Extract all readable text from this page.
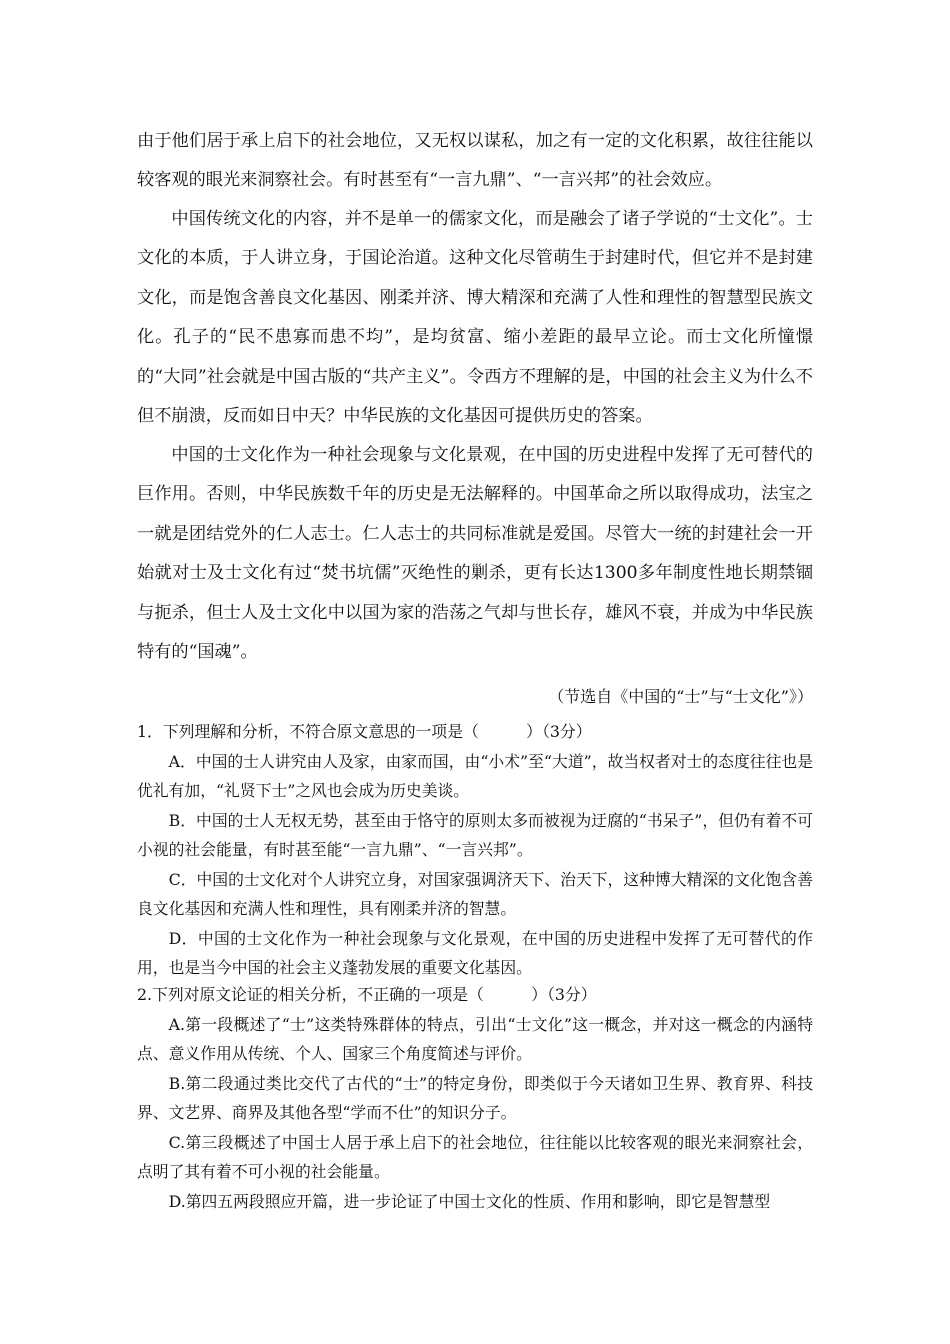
由于他们居于承上启下的社会地位，又无权以谋私，加之有一定的文化积累，故往往能以较客观的眼光来洞察社会。有时甚至有“一言九鼎”、“一言兴邦”的社会效应。

中国传统文化的内容，并不是单一的儒家文化，而是融会了诸子学说的“士文化”。士文化的本质，于人讲立身，于国论治道。这种文化尽管萌生于封建时代，但它并不是封建文化，而是饱含善良文化基因、刚柔并济、博大精深和充满了人性和理性的智慧型民族文化。孔子的“民不患寡而患不均”，是均贫富、缩小差距的最早立论。而士文化所憧憬的“大同”社会就是中国古版的“共产主义”。令西方不理解的是，中国的社会主义为什么不但不崩溃，反而如日中天？中华民族的文化基因可提供历史的答案。

中国的士文化作为一种社会现象与文化景观，在中国的历史进程中发挥了无可替代的巨作用。否则，中华民族数千年的历史是无法解释的。中国革命之所以取得成功，法宝之一就是团结党外的仁人志士。仁人志士的共同标准就是爱国。尽管大一统的封建社会一开始就对士及士文化有过“焚书坑儒”灭绝性的剿杀，更有长达1300多年制度性地长期禁锢与扼杀，但士人及士文化中以国为家的浩荡之气却与世长存，雄风不衰，并成为中华民族特有的“国魂”。

（节选自《中国的“士”与“士文化”》）

1．下列理解和分析，不符合原文意思的一项是（　　　）（3分）
A．中国的士人讲究由人及家，由家而国，由“小术”至“大道”，故当权者对士的态度往往也是优礼有加，“礼贤下士”之风也会成为历史美谈。
B．中国的士人无权无势，甚至由于恪守的原则太多而被视为迂腐的“书呆子”，但仍有着不可小视的社会能量，有时甚至能“一言九鼎”、“一言兴邦”。
C．中国的士文化对个人讲究立身，对国家强调济天下、治天下，这种博大精深的文化饱含善良文化基因和充满人性和理性，具有刚柔并济的智慧。
D．中国的士文化作为一种社会现象与文化景观，在中国的历史进程中发挥了无可替代的作用，也是当今中国的社会主义蓬勃发展的重要文化基因。
2.下列对原文论证的相关分析，不正确的一项是（　　　）（3分）
A.第一段概述了“士”这类特殊群体的特点，引出“士文化”这一概念，并对这一概念的内涵特点、意义作用从传统、个人、国家三个角度简述与评价。
B.第二段通过类比交代了古代的“士”的特定身份，即类似于今天诸如卫生界、教育界、科技界、文艺界、商界及其他各型“学而不仕”的知识分子。
C.第三段概述了中国士人居于承上启下的社会地位，往往能以比较客观的眼光来洞察社会，点明了其有着不可小视的社会能量。
D.第四五两段照应开篇，进一步论证了中国士文化的性质、作用和影响，即它是智慧型
